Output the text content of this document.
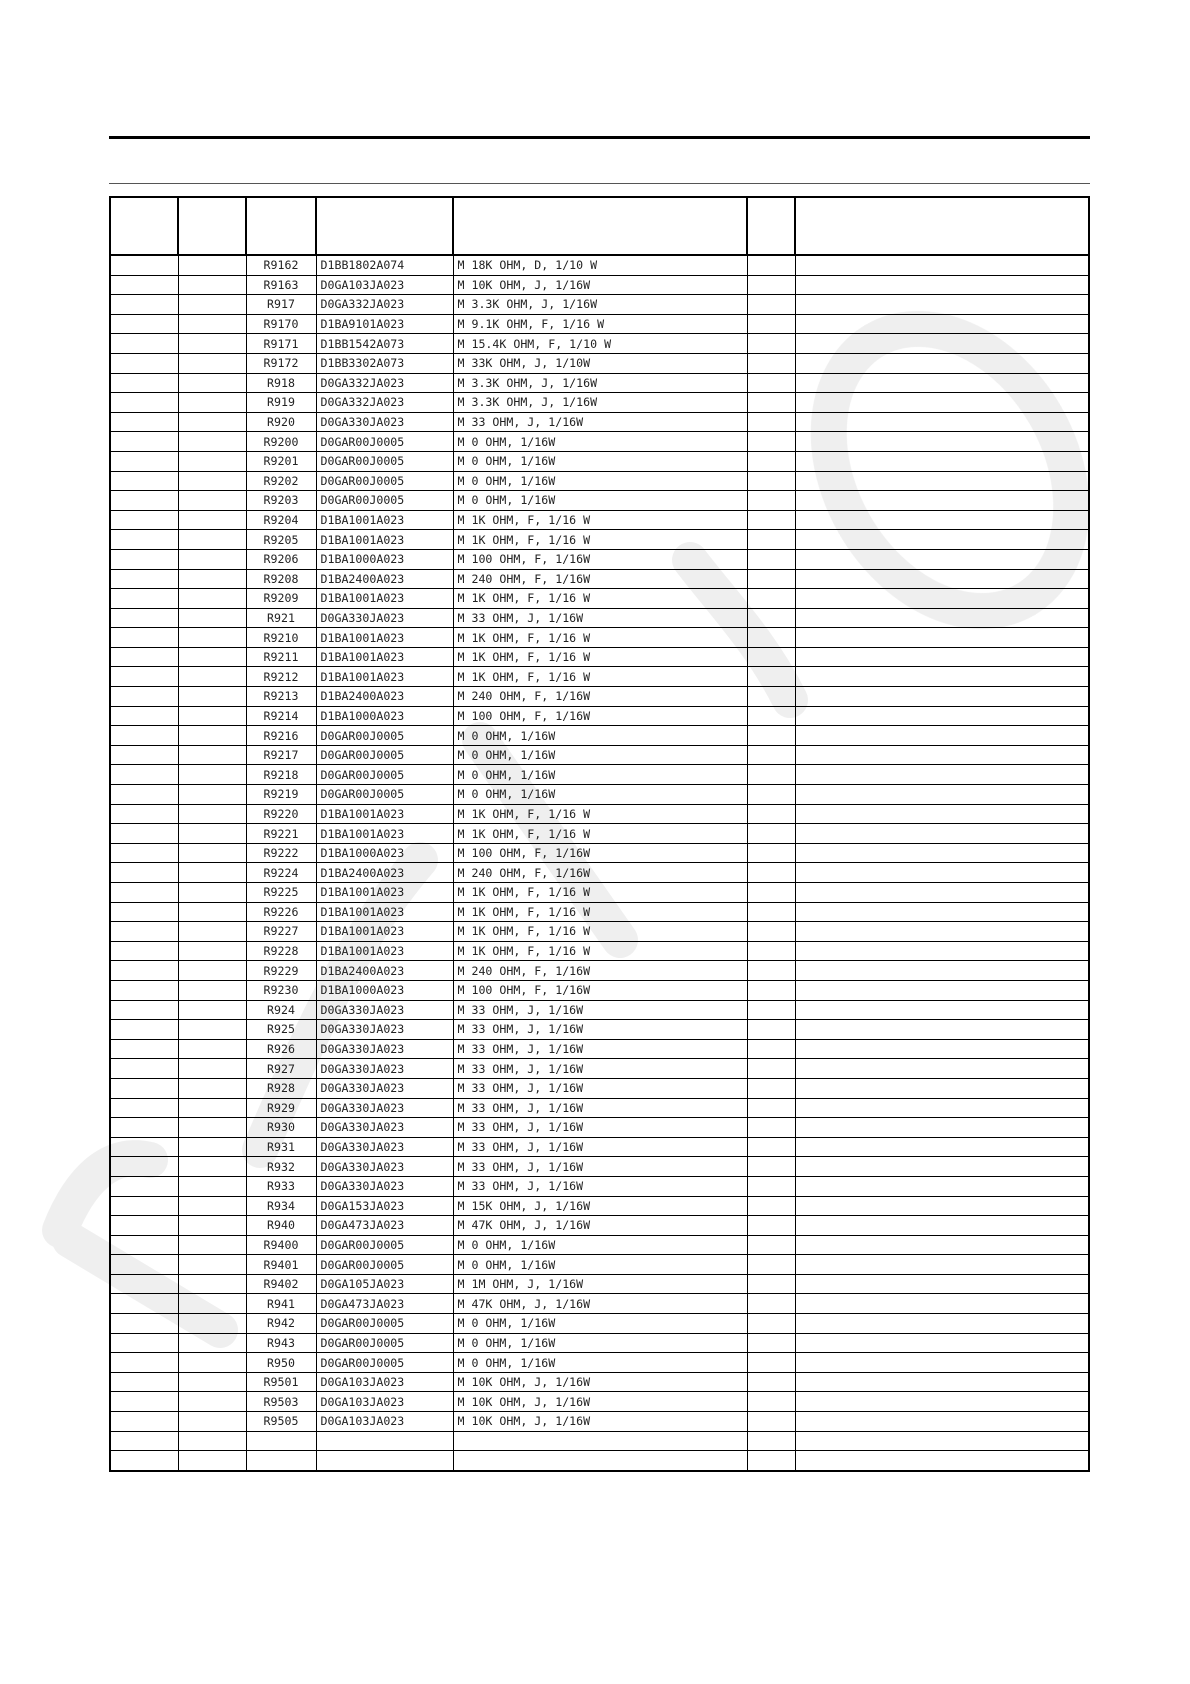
		R9162	D1BB1802A074	M 18K OHM, D, 1/10 W		
		R9163	D0GA103JA023	M 10K OHM, J, 1/16W		
		R917	D0GA332JA023	M 3.3K OHM, J, 1/16W		
		R9170	D1BA9101A023	M 9.1K OHM, F, 1/16 W		
		R9171	D1BB1542A073	M 15.4K OHM, F, 1/10 W		
		R9172	D1BB3302A073	M 33K OHM, J, 1/10W		
		R918	D0GA332JA023	M 3.3K OHM, J, 1/16W		
		R919	D0GA332JA023	M 3.3K OHM, J, 1/16W		
		R920	D0GA330JA023	M 33 OHM, J, 1/16W		
		R9200	D0GAR00J0005	M 0 OHM, 1/16W		
		R9201	D0GAR00J0005	M 0 OHM, 1/16W		
		R9202	D0GAR00J0005	M 0 OHM, 1/16W		
		R9203	D0GAR00J0005	M 0 OHM, 1/16W		
		R9204	D1BA1001A023	M 1K OHM, F, 1/16 W		
		R9205	D1BA1001A023	M 1K OHM, F, 1/16 W		
		R9206	D1BA1000A023	M 100 OHM, F, 1/16W		
		R9208	D1BA2400A023	M 240 OHM, F, 1/16W		
		R9209	D1BA1001A023	M 1K OHM, F, 1/16 W		
		R921	D0GA330JA023	M 33 OHM, J, 1/16W		
		R9210	D1BA1001A023	M 1K OHM, F, 1/16 W		
		R9211	D1BA1001A023	M 1K OHM, F, 1/16 W		
		R9212	D1BA1001A023	M 1K OHM, F, 1/16 W		
		R9213	D1BA2400A023	M 240 OHM, F, 1/16W		
		R9214	D1BA1000A023	M 100 OHM, F, 1/16W		
		R9216	D0GAR00J0005	M 0 OHM, 1/16W		
		R9217	D0GAR00J0005	M 0 OHM, 1/16W		
		R9218	D0GAR00J0005	M 0 OHM, 1/16W		
		R9219	D0GAR00J0005	M 0 OHM, 1/16W		
		R9220	D1BA1001A023	M 1K OHM, F, 1/16 W		
		R9221	D1BA1001A023	M 1K OHM, F, 1/16 W		
		R9222	D1BA1000A023	M 100 OHM, F, 1/16W		
		R9224	D1BA2400A023	M 240 OHM, F, 1/16W		
		R9225	D1BA1001A023	M 1K OHM, F, 1/16 W		
		R9226	D1BA1001A023	M 1K OHM, F, 1/16 W		
		R9227	D1BA1001A023	M 1K OHM, F, 1/16 W		
		R9228	D1BA1001A023	M 1K OHM, F, 1/16 W		
		R9229	D1BA2400A023	M 240 OHM, F, 1/16W		
		R9230	D1BA1000A023	M 100 OHM, F, 1/16W		
		R924	D0GA330JA023	M 33 OHM, J, 1/16W		
		R925	D0GA330JA023	M 33 OHM, J, 1/16W		
		R926	D0GA330JA023	M 33 OHM, J, 1/16W		
		R927	D0GA330JA023	M 33 OHM, J, 1/16W		
		R928	D0GA330JA023	M 33 OHM, J, 1/16W		
		R929	D0GA330JA023	M 33 OHM, J, 1/16W		
		R930	D0GA330JA023	M 33 OHM, J, 1/16W		
		R931	D0GA330JA023	M 33 OHM, J, 1/16W		
		R932	D0GA330JA023	M 33 OHM, J, 1/16W		
		R933	D0GA330JA023	M 33 OHM, J, 1/16W		
		R934	D0GA153JA023	M 15K OHM, J, 1/16W		
		R940	D0GA473JA023	M 47K OHM, J, 1/16W		
		R9400	D0GAR00J0005	M 0 OHM, 1/16W		
		R9401	D0GAR00J0005	M 0 OHM, 1/16W		
		R9402	D0GA105JA023	M 1M OHM, J, 1/16W		
		R941	D0GA473JA023	M 47K OHM, J, 1/16W		
		R942	D0GAR00J0005	M 0 OHM, 1/16W		
		R943	D0GAR00J0005	M 0 OHM, 1/16W		
		R950	D0GAR00J0005	M 0 OHM, 1/16W		
		R9501	D0GA103JA023	M 10K OHM, J, 1/16W		
		R9503	D0GA103JA023	M 10K OHM, J, 1/16W		
		R9505	D0GA103JA023	M 10K OHM, J, 1/16W		
